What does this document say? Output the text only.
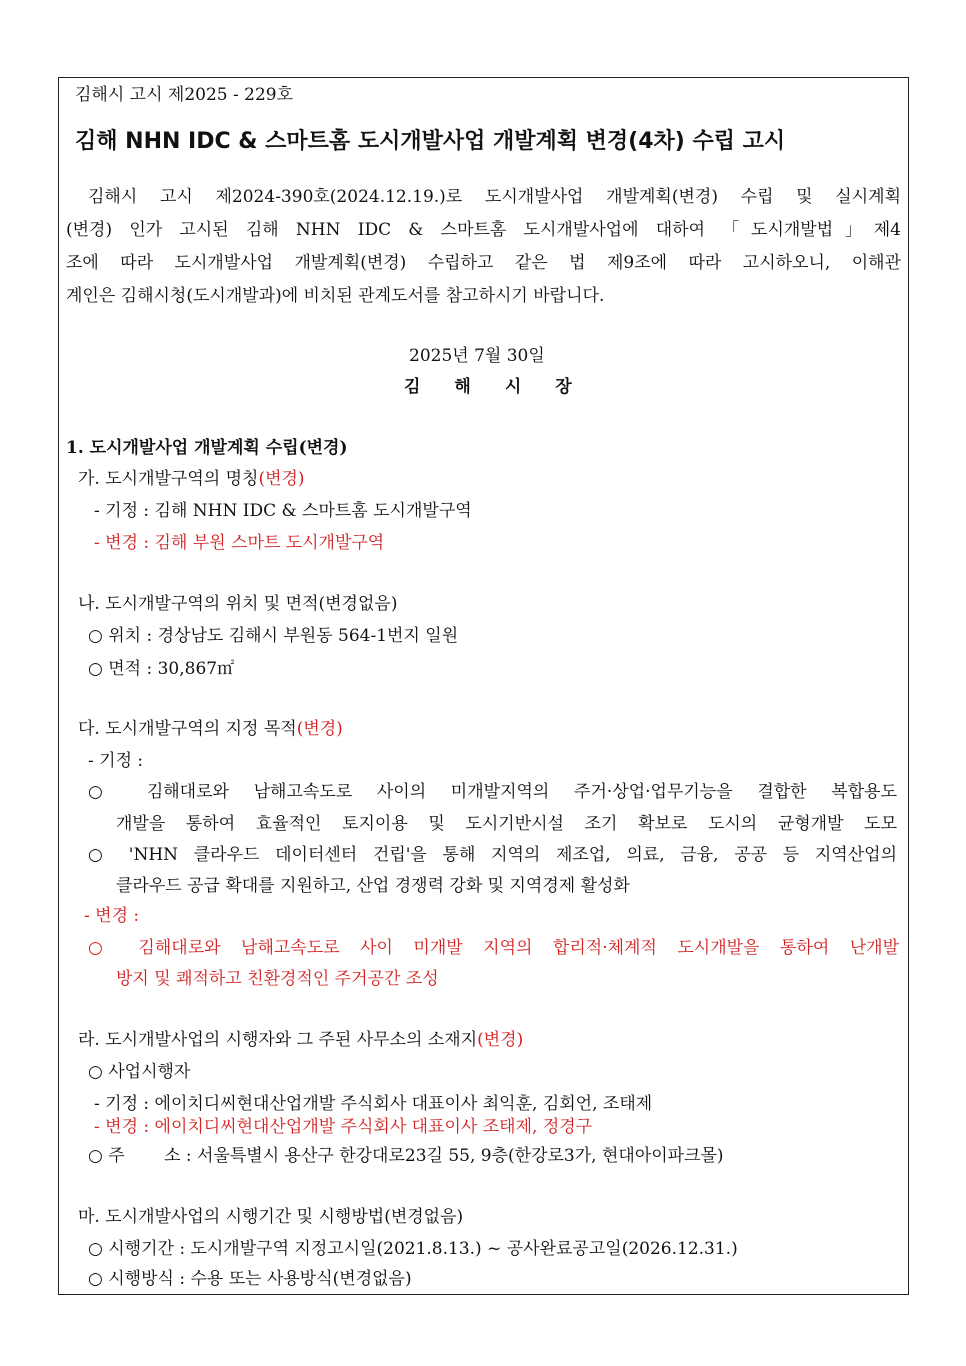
김해시 고시 제2025 - 229호
김해 NHN IDC & 스마트홈 도시개발사업 개발계획 변경(4차) 수립 고시
김해시 고시 제2024-390호(2024.12.19.)로 도시개발사업 개발계획(변경) 수립 및 실시계획
(변경) 인가 고시된 김해 NHN IDC & 스마트홈 도시개발사업에 대하여 「도시개발법」제4
조에 따라 도시개발사업 개발계획(변경) 수립하고 같은 법 제9조에 따라 고시하오니, 이해관
계인은 김해시청(도시개발과)에 비치된 관계도서를 참고하시기 바랍니다.
2025년 7월 30일
김　　해　　시　　장
1. 도시개발사업 개발계획 수립(변경)
가. 도시개발구역의 명칭(변경)
- 기정 : 김해 NHN IDC & 스마트홈 도시개발구역
- 변경 : 김해 부원 스마트 도시개발구역
나. 도시개발구역의 위치 및 면적(변경없음)
○ 위치 : 경상남도 김해시 부원동 564-1번지 일원
○ 면적 : 30,867㎡
다. 도시개발구역의 지정 목적(변경)
- 기정 :
○ 김해대로와 남해고속도로 사이의 미개발지역의 주거·상업·업무기능을 결합한 복합용도
개발을 통하여 효율적인 토지이용 및 도시기반시설 조기 확보로 도시의 균형개발 도모
○ 'NHN 클라우드 데이터센터 건립'을 통해 지역의 제조업, 의료, 금융, 공공 등 지역산업의
클라우드 공급 확대를 지원하고, 산업 경쟁력 강화 및 지역경제 활성화
- 변경 :
○ 김해대로와 남해고속도로 사이 미개발 지역의 합리적·체계적 도시개발을 통하여 난개발
방지 및 쾌적하고 친환경적인 주거공간 조성
라. 도시개발사업의 시행자와 그 주된 사무소의 소재지(변경)
○ 사업시행자
- 기정 : 에이치디씨현대산업개발 주식회사 대표이사 최익훈, 김회언, 조태제
- 변경 : 에이치디씨현대산업개발 주식회사 대표이사 조태제, 정경구
○ 주　　 소 : 서울특별시 용산구 한강대로23길 55, 9층(한강로3가, 현대아이파크몰)
마. 도시개발사업의 시행기간 및 시행방법(변경없음)
○ 시행기간 : 도시개발구역 지정고시일(2021.8.13.) ~ 공사완료공고일(2026.12.31.)
○ 시행방식 : 수용 또는 사용방식(변경없음)
